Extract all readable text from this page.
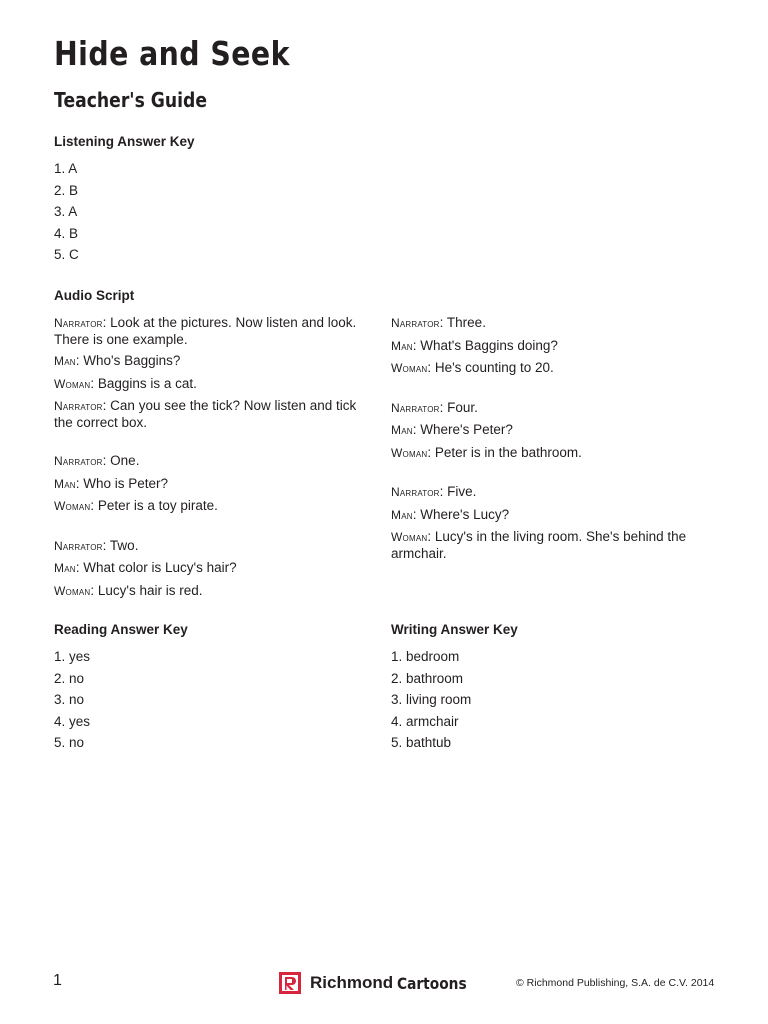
Hide and Seek
Teacher's Guide
Listening Answer Key
1. A
2. B
3. A
4. B
5. C
Audio Script

Narrator: Look at the pictures. Now listen and look. There is one example.

Man: Who's Baggins?

Woman: Baggins is a cat.

Narrator: Can you see the tick? Now listen and tick the correct box.

Narrator: One.

Man: Who is Peter?

Woman: Peter is a toy pirate.

Narrator: Two.

Man: What color is Lucy's hair?

Woman: Lucy's hair is red.

Narrator: Three.

Man: What's Baggins doing?

Woman: He's counting to 20.

Narrator: Four.

Man: Where's Peter?

Woman: Peter is in the bathroom.

Narrator: Five.

Man: Where's Lucy?

Woman: Lucy's in the living room. She's behind the armchair.

Reading Answer Key
1. yes
2. no
3. no
4. yes
5. no
Writing Answer Key
1. bedroom
2. bathroom
3. living room
4. armchair
5. bathtub
1	Richmond Cartoons	© Richmond Publishing, S.A. de C.V. 2014
